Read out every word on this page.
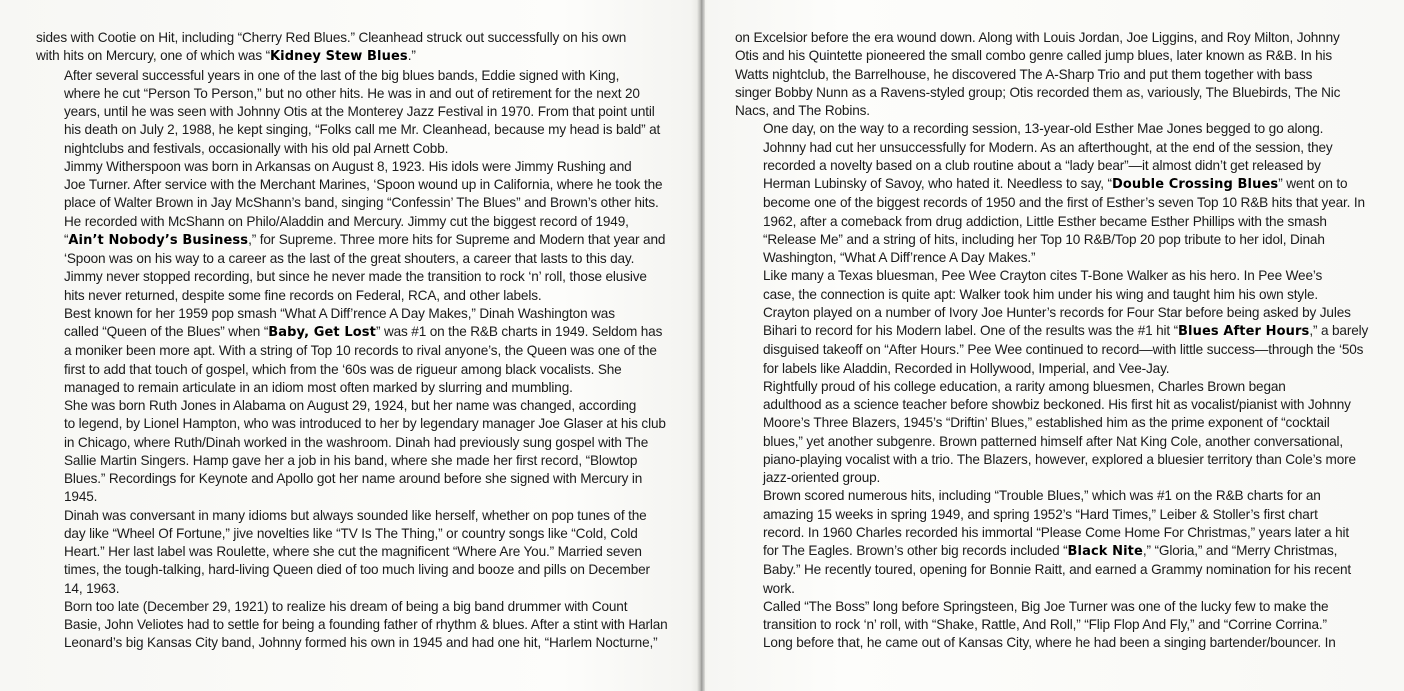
sides with Cootie on Hit, including “Cherry Red Blues.” Cleanhead struck out successfully on his own
with hits on Mercury, one of which was “Kidney Stew Blues.”

After several successful years in one of the last of the big blues bands, Eddie signed with King,
where he cut “Person To Person,” but no other hits. He was in and out of retirement for the next 20
years, until he was seen with Johnny Otis at the Monterey Jazz Festival in 1970. From that point until
his death on July 2, 1988, he kept singing, “Folks call me Mr. Cleanhead, because my head is bald” at
nightclubs and festivals, occasionally with his old pal Arnett Cobb.

Jimmy Witherspoon was born in Arkansas on August 8, 1923. His idols were Jimmy Rushing and
Joe Turner. After service with the Merchant Marines, ‘Spoon wound up in California, where he took the
place of Walter Brown in Jay McShann’s band, singing “Confessin’ The Blues” and Brown’s other hits.
He recorded with McShann on Philo/Aladdin and Mercury. Jimmy cut the biggest record of 1949,
“Ain’t Nobody’s Business,” for Supreme. Three more hits for Supreme and Modern that year and
‘Spoon was on his way to a career as the last of the great shouters, a career that lasts to this day.

Jimmy never stopped recording, but since he never made the transition to rock ‘n’ roll, those elusive
hits never returned, despite some fine records on Federal, RCA, and other labels.

Best known for her 1959 pop smash “What A Diff’rence A Day Makes,” Dinah Washington was
called “Queen of the Blues” when “Baby, Get Lost” was #1 on the R&B charts in 1949. Seldom has
a moniker been more apt. With a string of Top 10 records to rival anyone’s, the Queen was one of the
first to add that touch of gospel, which from the ‘60s was de rigueur among black vocalists. She
managed to remain articulate in an idiom most often marked by slurring and mumbling.

She was born Ruth Jones in Alabama on August 29, 1924, but her name was changed, according
to legend, by Lionel Hampton, who was introduced to her by legendary manager Joe Glaser at his club
in Chicago, where Ruth/Dinah worked in the washroom. Dinah had previously sung gospel with The
Sallie Martin Singers. Hamp gave her a job in his band, where she made her first record, “Blowtop
Blues.” Recordings for Keynote and Apollo got her name around before she signed with Mercury in
1945.

Dinah was conversant in many idioms but always sounded like herself, whether on pop tunes of the
day like “Wheel Of Fortune,” jive novelties like “TV Is The Thing,” or country songs like “Cold, Cold
Heart.” Her last label was Roulette, where she cut the magnificent “Where Are You.” Married seven
times, the tough-talking, hard-living Queen died of too much living and booze and pills on December
14, 1963.

Born too late (December 29, 1921) to realize his dream of being a big band drummer with Count
Basie, John Veliotes had to settle for being a founding father of rhythm & blues. After a stint with Harlan
Leonard’s big Kansas City band, Johnny formed his own in 1945 and had one hit, “Harlem Nocturne,”

on Excelsior before the era wound down. Along with Louis Jordan, Joe Liggins, and Roy Milton, Johnny
Otis and his Quintette pioneered the small combo genre called jump blues, later known as R&B. In his
Watts nightclub, the Barrelhouse, he discovered The A-Sharp Trio and put them together with bass
singer Bobby Nunn as a Ravens-styled group; Otis recorded them as, variously, The Bluebirds, The Nic
Nacs, and The Robins.

One day, on the way to a recording session, 13-year-old Esther Mae Jones begged to go along.
Johnny had cut her unsuccessfully for Modern. As an afterthought, at the end of the session, they
recorded a novelty based on a club routine about a “lady bear”—it almost didn’t get released by
Herman Lubinsky of Savoy, who hated it. Needless to say, “Double Crossing Blues” went on to
become one of the biggest records of 1950 and the first of Esther’s seven Top 10 R&B hits that year. In
1962, after a comeback from drug addiction, Little Esther became Esther Phillips with the smash
“Release Me” and a string of hits, including her Top 10 R&B/Top 20 pop tribute to her idol, Dinah
Washington, “What A Diff’rence A Day Makes.”

Like many a Texas bluesman, Pee Wee Crayton cites T-Bone Walker as his hero. In Pee Wee’s
case, the connection is quite apt: Walker took him under his wing and taught him his own style.
Crayton played on a number of Ivory Joe Hunter’s records for Four Star before being asked by Jules
Bihari to record for his Modern label. One of the results was the #1 hit “Blues After Hours,” a barely
disguised takeoff on “After Hours.” Pee Wee continued to record—with little success—through the ‘50s
for labels like Aladdin, Recorded in Hollywood, Imperial, and Vee-Jay.

Rightfully proud of his college education, a rarity among bluesmen, Charles Brown began
adulthood as a science teacher before showbiz beckoned. His first hit as vocalist/pianist with Johnny
Moore’s Three Blazers, 1945’s “Driftin’ Blues,” established him as the prime exponent of “cocktail
blues,” yet another subgenre. Brown patterned himself after Nat King Cole, another conversational,
piano-playing vocalist with a trio. The Blazers, however, explored a bluesier territory than Cole’s more
jazz-oriented group.

Brown scored numerous hits, including “Trouble Blues,” which was #1 on the R&B charts for an
amazing 15 weeks in spring 1949, and spring 1952’s “Hard Times,” Leiber & Stoller’s first chart
record. In 1960 Charles recorded his immortal “Please Come Home For Christmas,” years later a hit
for The Eagles. Brown’s other big records included “Black Nite,” “Gloria,” and “Merry Christmas,
Baby.” He recently toured, opening for Bonnie Raitt, and earned a Grammy nomination for his recent
work.

Called “The Boss” long before Springsteen, Big Joe Turner was one of the lucky few to make the
transition to rock ‘n’ roll, with “Shake, Rattle, And Roll,” “Flip Flop And Fly,” and “Corrine Corrina.”

Long before that, he came out of Kansas City, where he had been a singing bartender/bouncer. In
